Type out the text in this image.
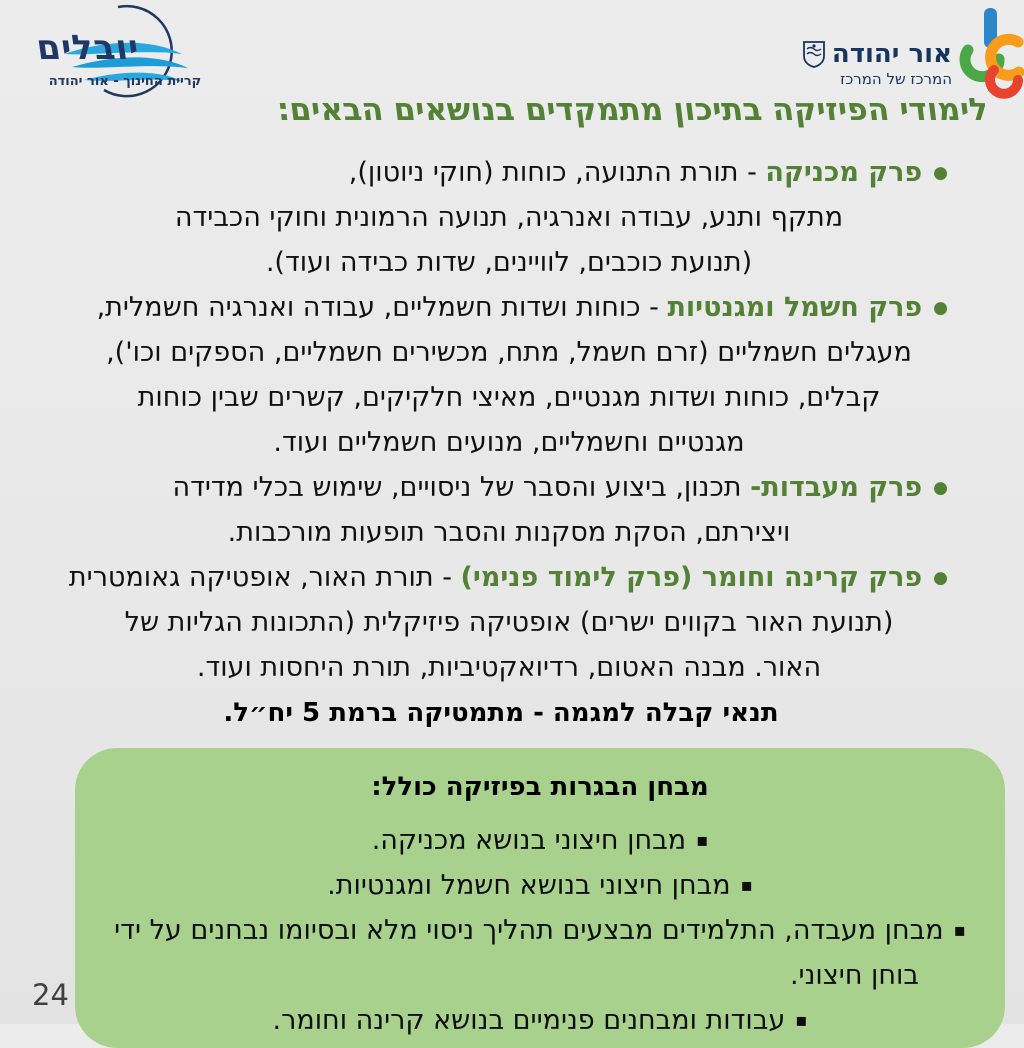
יובלים
קריית החינוך - אור יהודה
אור יהודה
המרכז של המרכז
לימודי הפיזיקה בתיכון מתמקדים בנושאים הבאים:
●פרק מכניקה - תורת התנועה, כוחות (חוקי ניוטון),
מתקף ותנע, עבודה ואנרגיה, תנועה הרמונית וחוקי הכבידה
(תנועת כוכבים, לוויינים, שדות כבידה ועוד).
●פרק חשמל ומגנטיות - כוחות ושדות חשמליים, עבודה ואנרגיה חשמלית,
מעגלים חשמליים (זרם חשמל, מתח, מכשירים חשמליים, הספקים וכו'),
קבלים, כוחות ושדות מגנטיים, מאיצי חלקיקים, קשרים שבין כוחות
מגנטיים וחשמליים, מנועים חשמליים ועוד.
●פרק מעבדות- תכנון, ביצוע והסבר של ניסויים, שימוש בכלי מדידה
ויצירתם, הסקת מסקנות והסבר תופעות מורכבות.
●פרק קרינה וחומר (פרק לימוד פנימי) - תורת האור, אופטיקה גאומטרית
(תנועת האור בקווים ישרים) אופטיקה פיזיקלית (התכונות הגליות של
האור. מבנה האטום, רדיואקטיביות, תורת היחסות ועוד.
תנאי קבלה למגמה - מתמטיקה ברמת 5 יח״ל.
מבחן הבגרות בפיזיקה כולל:
▪מבחן חיצוני בנושא מכניקה.
▪מבחן חיצוני בנושא חשמל ומגנטיות.
▪מבחן מעבדה, התלמידים מבצעים תהליך ניסוי מלא ובסיומו נבחנים על ידי
בוחן חיצוני.
▪עבודות ומבחנים פנימיים בנושא קרינה וחומר.
24
